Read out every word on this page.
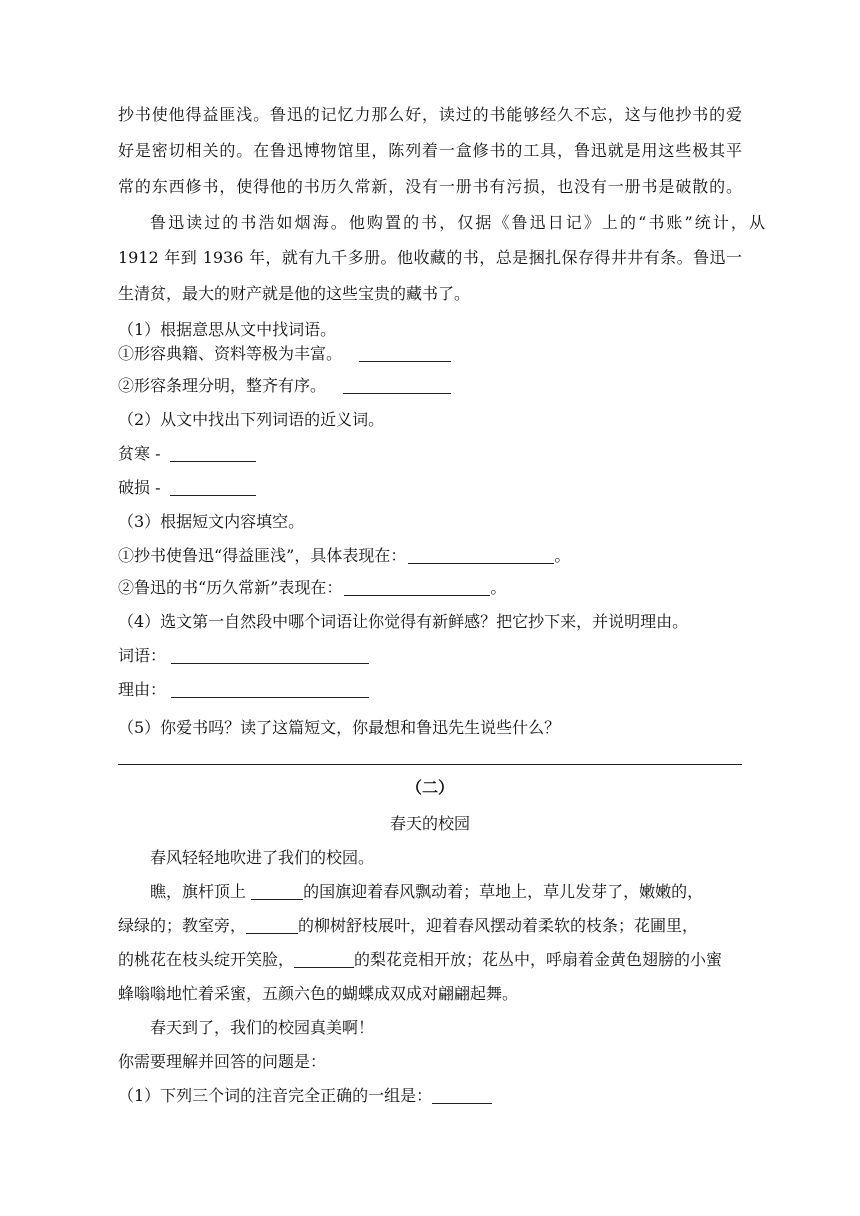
抄书使他得益匪浅。鲁迅的记忆力那么好，读过的书能够经久不忘，这与他抄书的爱
好是密切相关的。在鲁迅博物馆里，陈列着一盒修书的工具，鲁迅就是用这些极其平
常的东西修书，使得他的书历久常新，没有一册书有污损，也没有一册书是破散的。
鲁迅读过的书浩如烟海。他购置的书，仅据《鲁迅日记》上的“书账”统计，从
1912 年到 1936 年，就有九千多册。他收藏的书，总是捆扎保存得井井有条。鲁迅一
生清贫，最大的财产就是他的这些宝贵的藏书了。
（1）根据意思从文中找词语。
①形容典籍、资料等极为丰富。
②形容条理分明，整齐有序。
（2）从文中找出下列词语的近义词。
贫寒 -
破损 -
（3）根据短文内容填空。
①抄书使鲁迅“得益匪浅”，具体表现在：	。
②鲁迅的书“历久常新”表现在：	。
（4）选文第一自然段中哪个词语让你觉得有新鲜感？把它抄下来，并说明理由。
词语：
理由：
（5）你爱书吗？读了这篇短文，你最想和鲁迅先生说些什么？
（二）
春天的校园
春风轻轻地吹进了我们的校园。
瞧，旗杆顶上	的国旗迎着春风飘动着；草地上，草儿发芽了，嫩嫩的，
绿绿的；教室旁，	的柳树舒枝展叶，迎着春风摆动着柔软的枝条；花圃里，
的桃花在枝头绽开笑脸，	的梨花竞相开放；花丛中，呼扇着金黄色翅膀的小蜜
蜂嗡嗡地忙着采蜜，五颜六色的蝴蝶成双成对翩翩起舞。
春天到了，我们的校园真美啊！
你需要理解并回答的问题是：
（1）下列三个词的注音完全正确的一组是：
